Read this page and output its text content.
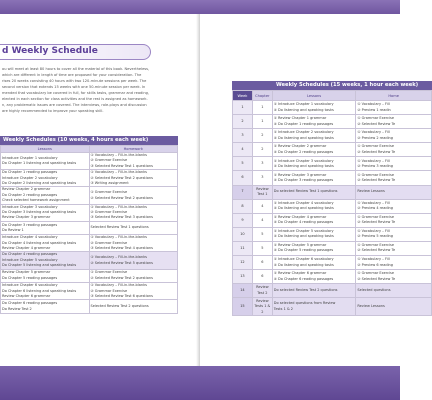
d Weekly Schedule

ou will meet at least 80 hours to cover all the material of this book. Nevertheless,

which are different in length of time are proposed for your consideration. The

rises 20 weeks consisting 40 hours with two 120-minute sessions per week. The

second version that extends 15 weeks with one 50-minute session per week. In

mended that vocabulary be covered in full, for skills tasks, grammar and reading,

elected in each section for class activities and the rest is assigned as homework.

n, any problematic issues are covered. The interviews, role-plays and discussion

are highly recommended to improve your speaking skill.

Weekly Schedules (10 weeks, 4 hours each week)
Lessons	Homework

Introduce Chapter 1 vocabulary
Do Chapter 1 listening and speaking tasks	① Vocabulary – Fill-in-the-blanks
② Grammar Exercise
③ Selected Review Test 1 questions

Do Chapter 1 reading passages
Introduce Chapter 2 vocabulary
Do Chapter 2 listening and speaking tasks	① Vocabulary – Fill-in-the-blanks
② Selected Review Test 2 questions
③ Writing assignment

Review Chapter 2 grammar
Do Chapter 2 reading passages
Check selected homework assignment	① Grammar Exercise
② Selected Review Test 2 questions

Introduce Chapter 3 vocabulary
Do Chapter 3 listening and speaking tasks
Review Chapter 3 grammar	① Vocabulary – Fill-in-the-blanks
② Grammar Exercise
③ Selected Review Test 3 questions

Do Chapter 3 reading passages
Do Review 1	Selected Review Test 1 questions

Introduce Chapter 4 vocabulary
Do Chapter 4 listening and speaking tasks
Review Chapter 4 grammar	① Vocabulary – Fill-in-the-blanks
② Grammar Exercise
③ Selected Review Test 4 questions

Do Chapter 4 reading passages
Introduce Chapter 5 vocabulary
Do Chapter 5 listening and speaking tasks	① Vocabulary – Fill-in-the-blanks
② Selected Review Test 5 questions

Review Chapter 5 grammar
Do Chapter 5 reading passages	① Grammar Exercise
② Selected Review Test 2 questions

Introduce Chapter 6 vocabulary
Do Chapter 6 listening and speaking tasks
Review Chapter 6 grammar	① Vocabulary – Fill-in-the-blanks
② Grammar Exercise
③ Selected Review Test 6 questions

Do Chapter 6 reading passages
Do Review Test 2	Selected Review Test 2 questions
Weekly Schedules (15 weeks, 1 hour each week)
Week	Chapter	Lessons	Home
1	1	① Introduce Chapter 1 vocabulary
② Do listening and speaking tasks	① Vocabulary – Fill
② Preview 1 readin

2	1	① Review Chapter 1 grammar
② Do Chapter 1 reading passages	① Grammar Exercise
② Selected Review Te

3	2	① Introduce Chapter 2 vocabulary
② Do listening and speaking tasks	① Vocabulary – Fill
② Preview 2 reading

4	2	① Review Chapter 2 grammar
② Do Chapter 2 reading passages	① Grammar Exercise
② Selected Review Te

5	3	① Introduce Chapter 3 vocabulary
② Do listening and speaking tasks	① Vocabulary – Fill
② Preview 3 reading

6	3	① Review Chapter 3 grammar
② Do Chapter 3 reading passages	① Grammar Exercise
② Selected Review Te

7	Review Test 1	Do selected Review Test 1 questions	Review Lessons

8	4	① Introduce Chapter 4 vocabulary
② Do listening and speaking tasks	① Vocabulary – Fill
② Preview 4 reading

9	4	① Review Chapter 4 grammar
② Do Chapter 4 reading passages	① Grammar Exercise
② Selected Review Te

10	5	① Introduce Chapter 5 vocabulary
② Do listening and speaking tasks	① Vocabulary – Fill
② Preview 5 reading

11	5	① Review Chapter 5 grammar
② Do Chapter 5 reading passages	① Grammar Exercise
② Selected Review Te

12	6	① Introduce Chapter 6 vocabulary
② Do listening and speaking tasks	① Vocabulary – Fill
② Preview 6 reading

13	6	① Review Chapter 6 grammar
② Do Chapter 6 reading passages	① Grammar Exercise
② Selected Review Te

14	Review Test 2	Do selected Review Test 2 questions	Selected questions

15	Review Tests 1 & 2	Do selected questions from Review
Tests 1 & 2	Review Lessons
